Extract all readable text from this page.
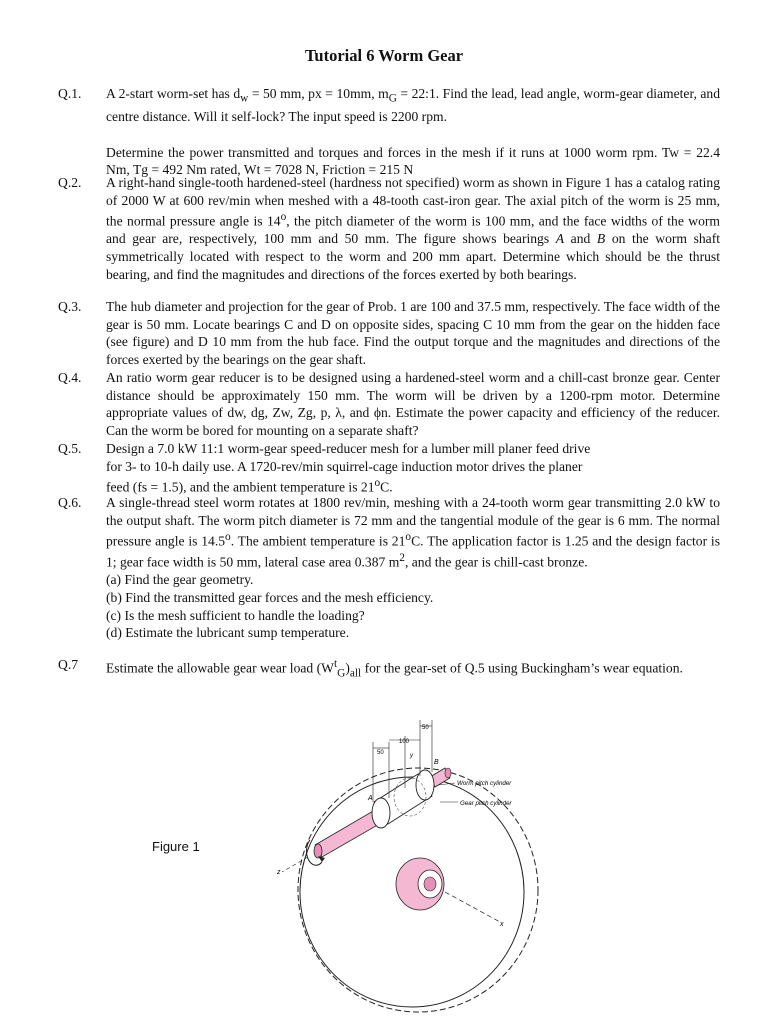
Tutorial 6 Worm Gear
Q.1.	A 2-start worm-set has $d_w = 50$ mm, px = 10mm, $m_G$ = 22:1. Find the lead, lead angle, worm-gear diameter, and centre distance. Will it self-lock? The input speed is 2200 rpm.

Determine the power transmitted and torques and forces in the mesh if it runs at 1000 worm rpm. Tw = 22.4 Nm, Tg = 492 Nm rated, Wt = 7028 N, Friction = 215 N

Q.2.	A right-hand single-tooth hardened-steel (hardness not specified) worm as shown in Figure 1 has a catalog rating of 2000 W at 600 rev/min when meshed with a 48-tooth cast-iron gear. The axial pitch of the worm is 25 mm, the normal pressure angle is 14$^o$, the pitch diameter of the worm is 100 mm, and the face widths of the worm and gear are, respectively, 100 mm and 50 mm. The figure shows bearings A and B on the worm shaft symmetrically located with respect to the worm and 200 mm apart. Determine which should be the thrust bearing, and find the magnitudes and directions of the forces exerted by both bearings.

Q.3.	The hub diameter and projection for the gear of Prob. 1 are 100 and 37.5 mm, respectively. The face width of the gear is 50 mm. Locate bearings C and D on opposite sides, spacing C 10 mm from the gear on the hidden face (see figure) and D 10 mm from the hub face. Find the output torque and the magnitudes and directions of the forces exerted by the bearings on the gear shaft.

Q.4.	An ratio worm gear reducer is to be designed using a hardened-steel worm and a chill-cast bronze gear. Center distance should be approximately 150 mm. The worm will be driven by a 1200-rpm motor. Determine appropriate values of dw, dg, Zw, Zg, p, λ, and ϕn. Estimate the power capacity and efficiency of the reducer. Can the worm be bored for mounting on a separate shaft?

Q.5.	Design a 7.0 kW 11:1 worm-gear speed-reducer mesh for a lumber mill planer feed drive
for 3- to 10-h daily use. A 1720-rev/min squirrel-cage induction motor drives the planer
feed (fs = 1.5), and the ambient temperature is 21$^o$C.

Q.6.	A single-thread steel worm rotates at 1800 rev/min, meshing with a 24-tooth worm gear transmitting 2.0 kW to the output shaft. The worm pitch diameter is 72 mm and the tangential module of the gear is 6 mm. The normal pressure angle is 14.5$^o$. The ambient temperature is 21$^o$C. The application factor is 1.25 and the design factor is 1; gear face width is 50 mm, lateral case area 0.387 $m^2$, and the gear is chill-cast bronze.

(a) Find the gear geometry.
(b) Find the transmitted gear forces and the mesh efficiency.
(c) Is the mesh sufficient to handle the loading?
(d) Estimate the lubricant sump temperature.
Q.7	Estimate the allowable gear wear load $(W^t_G)_{all}$ for the gear-set of Q.5 using Buckingham’s wear equation.

Figure 1
x
z
50
100
50
y
A
B
Worm pitch cylinder
Gear pitch cylinder
